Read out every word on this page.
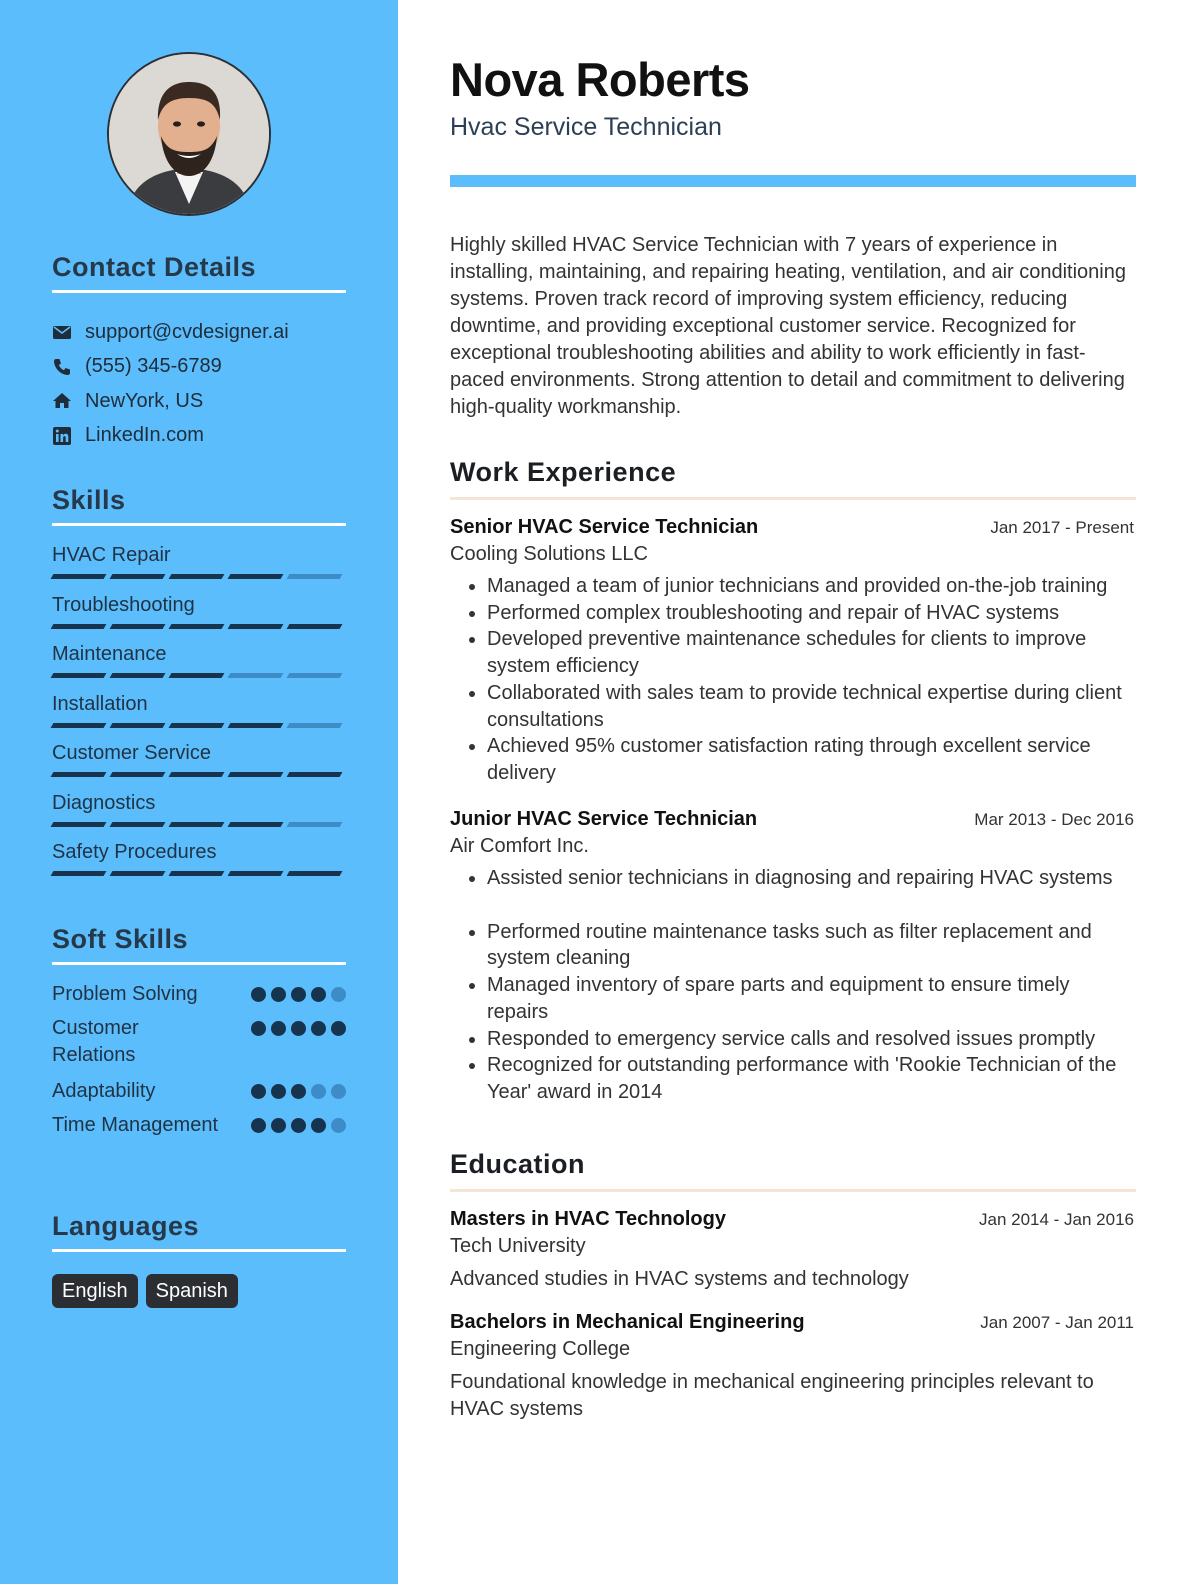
Contact Details
support@cvdesigner.ai
(555) 345-6789
NewYork, US
LinkedIn.com
Skills
HVAC Repair
Troubleshooting
Maintenance
Installation
Customer Service
Diagnostics
Safety Procedures
Soft Skills
Problem Solving
Customer Relations
Adaptability
Time Management
Languages
English	Spanish
Nova Roberts
Hvac Service Technician
Highly skilled HVAC Service Technician with 7 years of experience in installing, maintaining, and repairing heating, ventilation, and air conditioning systems. Proven track record of improving system efficiency, reducing downtime, and providing exceptional customer service. Recognized for exceptional troubleshooting abilities and ability to work efficiently in fast-paced environments. Strong attention to detail and commitment to delivering high-quality workmanship.
Work Experience
Senior HVAC Service Technician	Jan 2017 - Present
Cooling Solutions LLC
• Managed a team of junior technicians and provided on-the-job training
• Performed complex troubleshooting and repair of HVAC systems
• Developed preventive maintenance schedules for clients to improve system efficiency
• Collaborated with sales team to provide technical expertise during client consultations
• Achieved 95% customer satisfaction rating through excellent service delivery
Junior HVAC Service Technician	Mar 2013 - Dec 2016
Air Comfort Inc.
• Assisted senior technicians in diagnosing and repairing HVAC systems
• Performed routine maintenance tasks such as filter replacement and system cleaning
• Managed inventory of spare parts and equipment to ensure timely repairs
• Responded to emergency service calls and resolved issues promptly
• Recognized for outstanding performance with 'Rookie Technician of the Year' award in 2014
Education
Masters in HVAC Technology	Jan 2014 - Jan 2016
Tech University
Advanced studies in HVAC systems and technology
Bachelors in Mechanical Engineering	Jan 2007 - Jan 2011
Engineering College
Foundational knowledge in mechanical engineering principles relevant to HVAC systems
